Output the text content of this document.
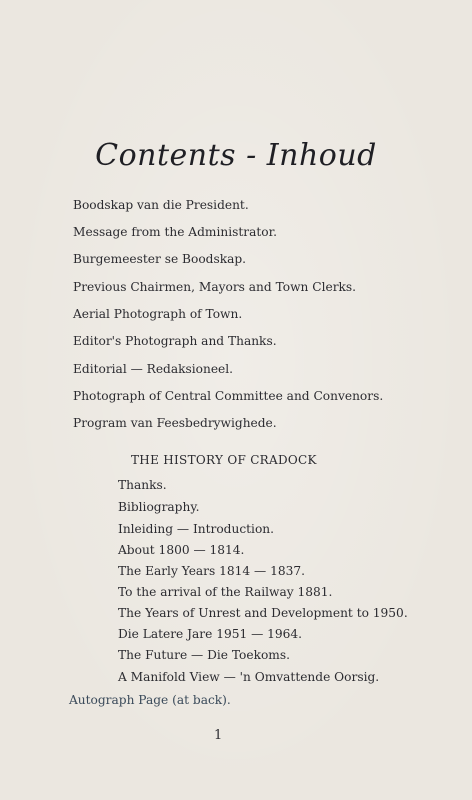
Contents - Inhoud
Boodskap van die President.
Message from the Administrator.
Burgemeester se Boodskap.
Previous Chairmen, Mayors and Town Clerks.
Aerial Photograph of Town.
Editor's Photograph and Thanks.
Editorial — Redaksioneel.
Photograph of Central Committee and Convenors.
Program van Feesbedrywighede.
THE HISTORY OF CRADOCK
Thanks.
Bibliography.
Inleiding — Introduction.
About 1800 — 1814.
The Early Years 1814 — 1837.
To the arrival of the Railway 1881.
The Years of Unrest and Development to 1950.
Die Latere Jare 1951 — 1964.
The Future — Die Toekoms.
A Manifold View — 'n Omvattende Oorsig.
Autograph Page (at back).
1
